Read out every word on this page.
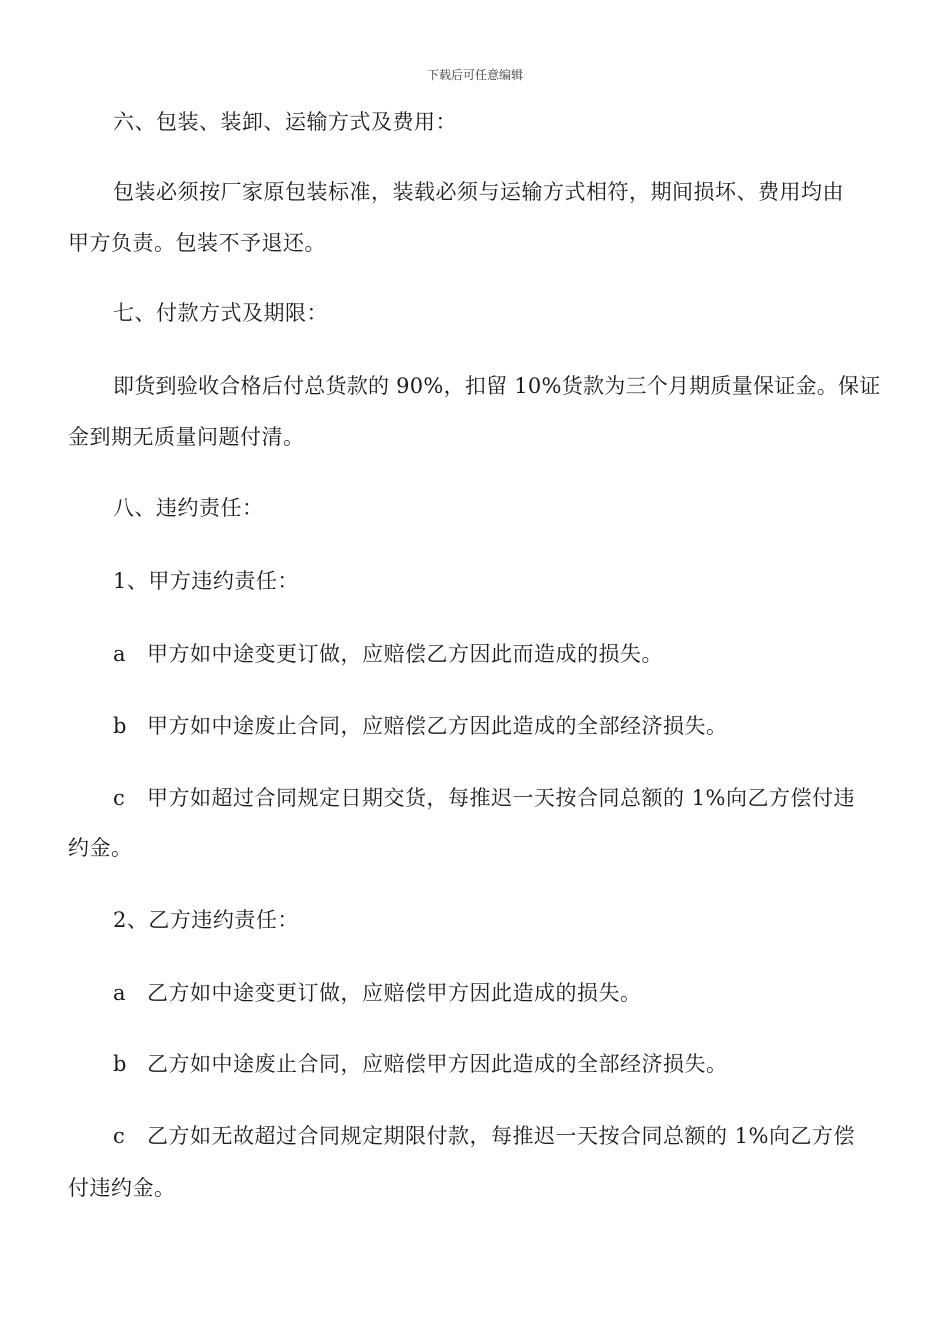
下载后可任意编辑
六、包装、装卸、运输方式及费用：
包装必须按厂家原包装标准，装载必须与运输方式相符，期间损坏、费用均由
甲方负责。包装不予退还。
七、付款方式及期限：
即货到验收合格后付总货款的 90%，扣留 10%货款为三个月期质量保证金。保证
金到期无质量问题付清。
八、违约责任：
1、甲方违约责任：
a 甲方如中途变更订做，应赔偿乙方因此而造成的损失。
b 甲方如中途废止合同，应赔偿乙方因此造成的全部经济损失。
c 甲方如超过合同规定日期交货，每推迟一天按合同总额的 1%向乙方偿付违
约金。
2、乙方违约责任：
a 乙方如中途变更订做，应赔偿甲方因此造成的损失。
b 乙方如中途废止合同，应赔偿甲方因此造成的全部经济损失。
c 乙方如无故超过合同规定期限付款，每推迟一天按合同总额的 1%向乙方偿
付违约金。
